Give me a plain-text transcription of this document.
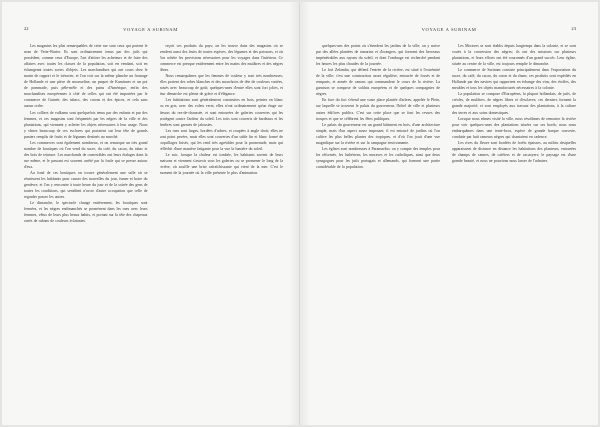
22	VOYAGE A SURINAM

Les magasins les plus remarquables de cette rue sont ceux qui portent le nom de Vette-Warier. Ils sont ordinairement tenus par des juifs qui possèdent, comme ceux d'Europe, l'art d'attirer les acheteurs et de faire des affaires avec toutes les classes de la population, soit en vendant, soit en échangeant toutes sortes d'objets. Les marchandises qui ont cours chez le marin de rapport et le trésorier, et l'on voit sur la même planche un fromage de Hollande et une pièce de mousseline, un paquet de Kaminoes et un pot de pommade, puis pêle-mêle et des pains d'Amérique, enfin des marchandises européennes à côté de celles qui ont été importées par le commerce de Guinée, des tabacs, des cotons et des épices, et cela sans aucun ordre.

Les colliers de vulkams sont quelquefois tenus par des enfants et par des femmes, et ces magasins sont fréquentés par les nègres de la ville et des plantations, qui viennent y acheter les objets nécessaires à leur usage. Nous y vîmes beaucoup de ces esclaves qui portaient sur leur tête de grands paniers remplis de fruits et de légumes destinés au marché.

Les commerces sont également nombreux, et on remarque un très grand nombre de boutiques où l'on vend du sucre, du café, du cacao, du tabac et des bois de teinture. Les marchands de comestibles ont leurs étalages dans la rue même, et le passant est souvent arrêté par la foule qui se presse autour d'eux.

Au fond de ces boutiques on trouve généralement une salle où se réunissent les habitants pour causer des nouvelles du jour, fumer et boire du genièvre, et l'on y rencontre à toute heure du jour et de la soirée des gens de toutes les conditions, qui semblent n'avoir d'autre occupation que celle de regarder passer les autres.

Le dimanche, le spectacle change entièrement; les boutiques sont fermées, et les nègres endimanchés se promènent dans les rues avec leurs femmes, vêtus de leurs plus beaux habits, et portant sur la tête des chapeaux ornés de rubans de couleurs éclatantes.

reçoit ces produits du pays; on les trouve dans des magasins où se vendent aussi des fruits de toutes espèces, des légumes et des poissons, et où l'on achète les provisions nécessaires pour les voyages dans l'intérieur. Ce commerce est presque entièrement entre les mains des mulâtres et des nègres libres.

Nous remarquâmes que les femmes de couleur y sont très nombreuses; elles portent des robes blanches et des mouchoirs de tête de couleurs variées, noués avec beaucoup de goût; quelques-unes d'entre elles sont fort jolies, et leur démarche est pleine de grâce et d'élégance.

Les habitations sont généralement construites en bois, peintes en blanc ou en gris, avec des volets verts; elles n'ont ordinairement qu'un étage au-dessus du rez-de-chaussée, et sont entourées de galeries couvertes qui les protègent contre l'ardeur du soleil. Les toits sont couverts de bardeaux et les fenêtres sont garnies de jalousies.

Les rues sont larges, bordées d'arbres, et coupées à angle droit; elles ne sont point pavées, mais elles sont couvertes d'un sable fin et blanc formé de coquillages brisés, qui les rend très agréables pour la promenade, mais qui réfléchit d'une manière fatigante pour la vue la lumière du soleil.

Le soir, lorsque la chaleur est tombée, les habitants sortent de leurs maisons et viennent s'asseoir sous les galeries ou se promener le long de la rivière, où souffle une brise rafraîchissante qui vient de la mer. C'est le moment de la journée où la ville présente le plus d'animation.

VOYAGE A SURINAM	23

quelques-uns des points où s'étendent les jardins de la ville; on y arrive par des allées plantées de tamarins et d'orangers, qui forment des berceaux impénétrables aux rayons du soleil, et dont l'ombrage est recherché pendant les heures les plus chaudes de la journée.

Le fort Zelandia, qui défend l'entrée de la rivière, est situé à l'extrémité de la ville; c'est une construction assez régulière, entourée de fossés et de remparts, et armée de canons qui commandent le cours de la rivière. La garnison se compose de soldats européens et de quelques compagnies de nègres.

En face du fort s'étend une vaste place plantée d'arbres, appelée le Plein, sur laquelle se trouvent le palais du gouverneur, l'hôtel de ville et plusieurs autres édifices publics. C'est sur cette place que se font les revues des troupes et que se célèbrent les fêtes publiques.

Le palais du gouverneur est un grand bâtiment en bois, d'une architecture simple, mais d'un aspect assez imposant; il est entouré de jardins où l'on cultive les plus belles plantes des tropiques, et d'où l'on jouit d'une vue magnifique sur la rivière et sur la campagne environnante.

Les églises sont nombreuses à Paramaribo; on y compte des temples pour les réformés, les luthériens, les moraves et les catholiques, ainsi que deux synagogues pour les juifs portugais et allemands, qui forment une partie considérable de la population.

Les Moraves se sont établis depuis longtemps dans la colonie, et se sont voués à la conversion des nègres; ils ont des missions sur plusieurs plantations, et leurs efforts ont été couronnés d'un grand succès. Leur église, située au centre de la ville, est toujours remplie le dimanche.

Le commerce de Surinam consiste principalement dans l'exportation du sucre, du café, du cacao, du coton et du rhum; ces produits sont expédiés en Hollande par des navires qui rapportent en échange des vins, des étoffes, des meubles et tous les objets manufacturés nécessaires à la colonie.

La population se compose d'Européens, la plupart hollandais, de juifs, de créoles, de mulâtres, de nègres libres et d'esclaves; ces derniers forment la grande majorité, et sont employés aux travaux des plantations, à la culture des terres et aux soins domestiques.

Lorsque nous eûmes visité la ville, nous résolûmes de remonter la rivière pour voir quelques-unes des plantations situées sur ses bords; nous nous embarquâmes dans une tente-boot, espèce de grande barque couverte, conduite par huit rameurs nègres qui chantaient en cadence.

Les rives du fleuve sont bordées de forêts épaisses, au milieu desquelles apparaissent de distance en distance les habitations des planteurs, entourées de champs de cannes, de caféiers et de cacaoyers; le paysage est d'une grande beauté, et nous ne pouvions nous lasser de l'admirer.
